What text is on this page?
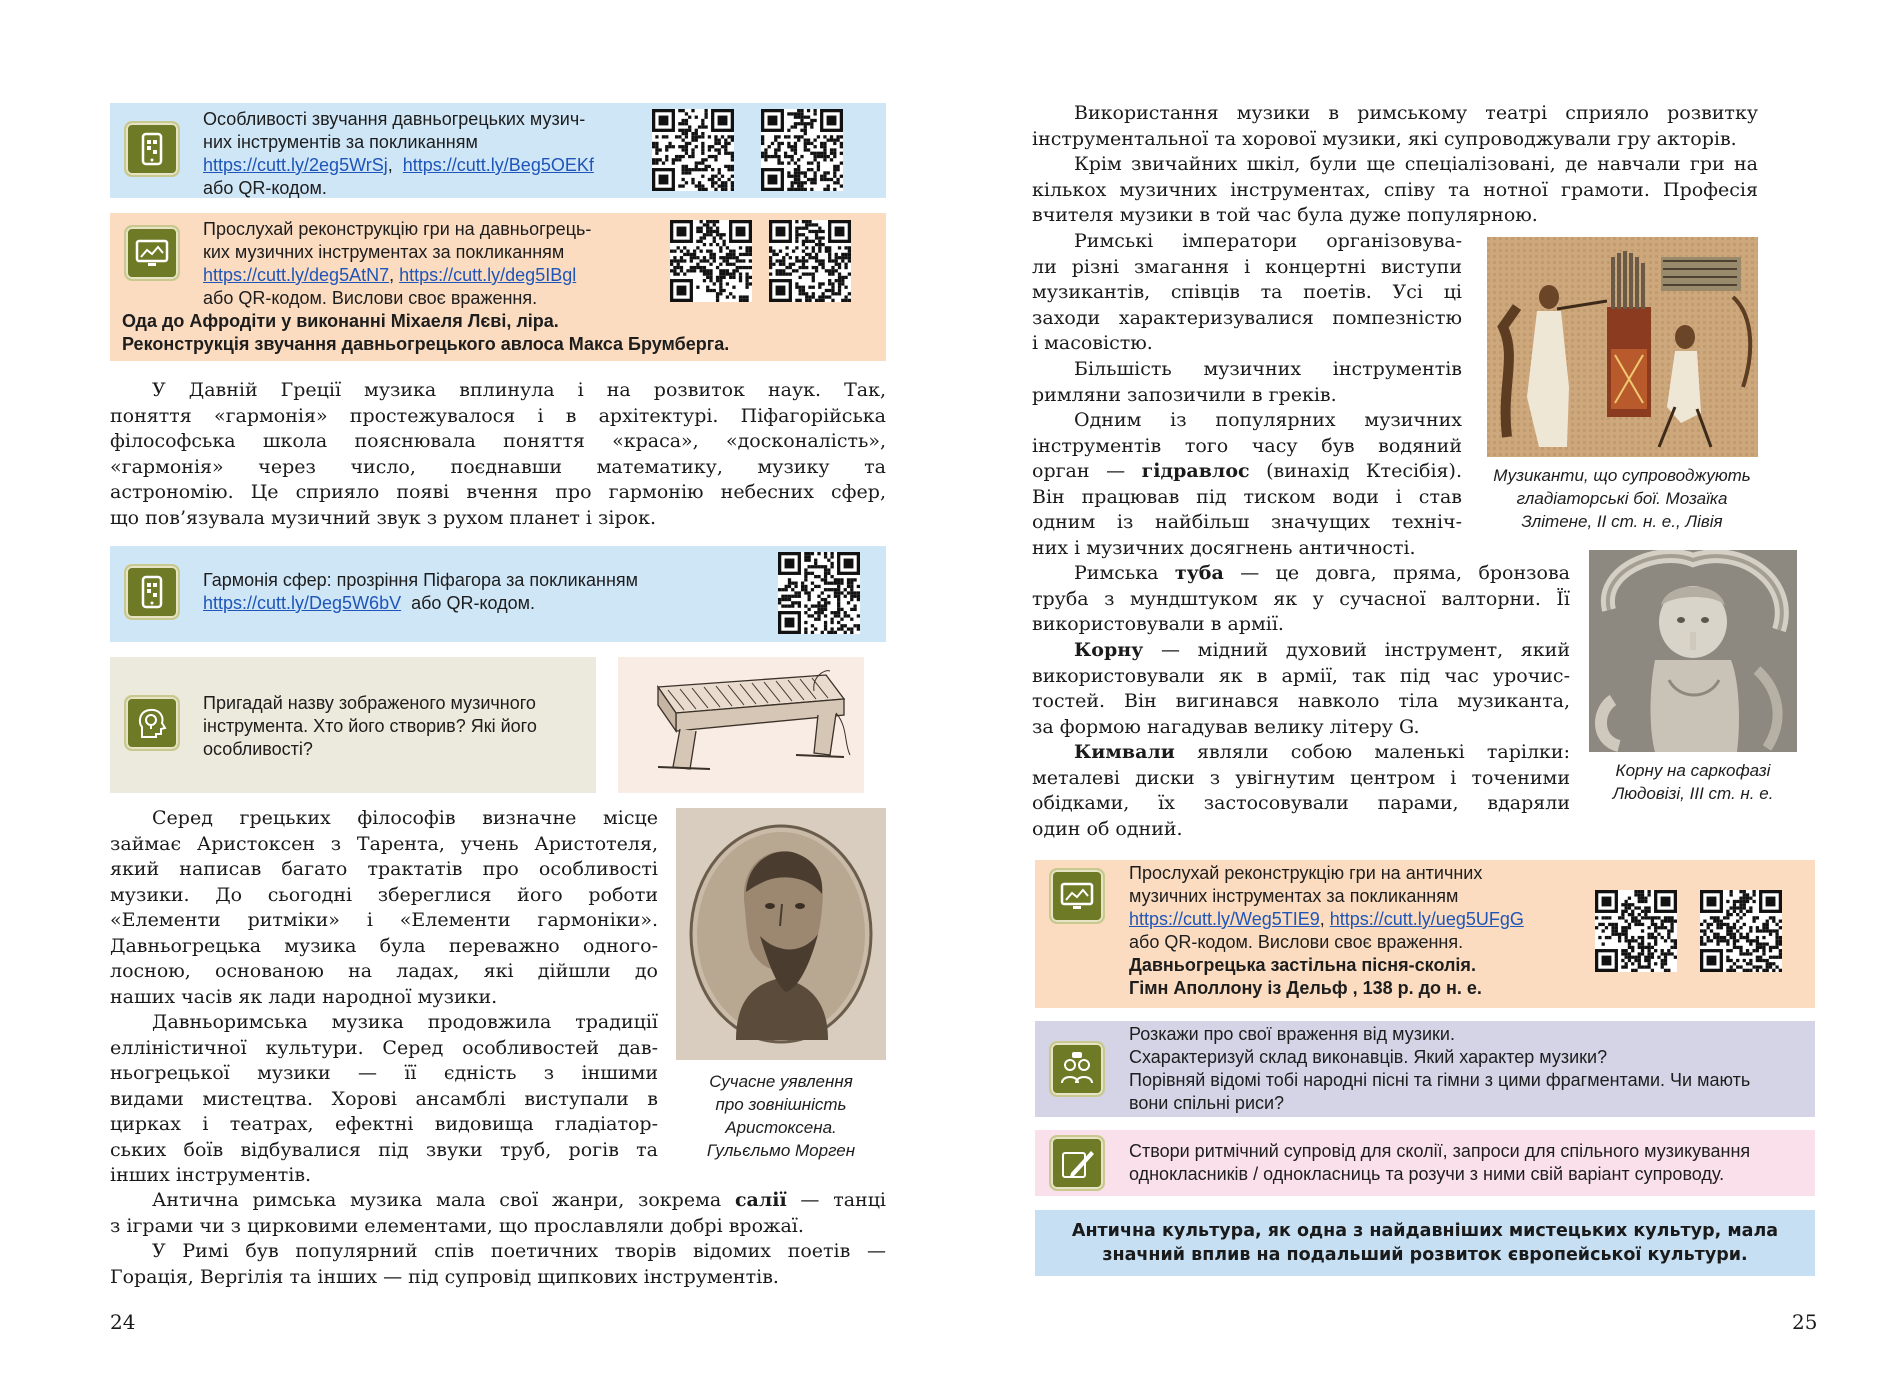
Особливості звучання давньогрецьких музич-
них інструментів за покликанням
https://cutt.ly/2eg5WrSj,  https://cutt.ly/Beg5OEKf
або QR-кодом.
Прослухай реконструкцію гри на давньогрець-
ких музичних інструментах за покликанням
https://cutt.ly/deg5AtN7, https://cutt.ly/deg5IBgl
або QR-кодом. Вислови своє враження.
Ода до Афродіти у виконанні Міхаеля Лєві, ліра.
Реконструкція звучання давньогрецького авлоса Макса Брумберга.
У Давній Греції музика вплинула і на розвиток наук. Так,
поняття «гармонія» простежувалося і в архітектурі. Піфагорійська
філософська школа пояснювала поняття «краса», «досконалість»,
«гармонія» через число, поєднавши математику, музику та
астрономію. Це сприяло появі вчення про гармонію небесних сфер,
що пов’язувала музичний звук з рухом планет і зірок.
Гармонія сфер: прозріння Піфагора за покликанням
https://cutt.ly/Deg5W6bV або QR-кодом.
Пригадай назву зображеного музичного
інструмента. Хто його створив? Які його
особливості?
Серед грецьких філософів визначне місце
займає Аристоксен з Тарента, учень Аристотеля,
який написав багато трактатів про особливості
музики. До сьогодні збереглися його роботи
«Елементи ритміки» і «Елементи гармоніки».
Давньогрецька музика була переважно одного-
лосною, основаною на ладах, які дійшли до
наших часів як лади народної музики.
Давньоримська музика продовжила традиції
елліністичної культури. Серед особливостей дав-
ньогрецької музики — її єдність з іншими
видами мистецтва. Хорові ансамблі виступали в
цирках і театрах, ефектні видовища гладіатор-
ських боїв відбувалися під звуки труб, рогів та
інших інструментів.
Антична римська музика мала свої жанри, зокрема салії — танці
з іграми чи з цирковими елементами, що прославляли добрі врожаї.
У Римі був популярний спів поетичних творів відомих поетів —
Горація, Вергілія та інших — під супровід щипкових інструментів.
Сучасне уявлення
про зовнішність
Аристоксена.
Гульєльмо Морген
24
Використання музики в римському театрі сприяло розвитку
інструментальної та хорової музики, які супроводжували гру акторів.
Крім звичайних шкіл, були ще спеціалізовані, де навчали гри на
кількох музичних інструментах, співу та нотної грамоти. Професія
вчителя музики в той час була дуже популярною.
Римські імператори організовува-
ли різні змагання і концертні виступи
музикантів, співців та поетів. Усі ці
заходи характеризувалися помпезністю
і масовістю.
Більшість музичних інструментів
римляни запозичили в греків.
Одним із популярних музичних
інструментів того часу був водяний
орган — гідравлос (винахід Ктесібія).
Він працював під тиском води і став
одним із найбільш значущих техніч-
них і музичних досягнень античності.
Музиканти, що супроводжують
гладіаторські бої. Мозаїка
Злітене, ІІ ст. н. е., Лівія
Римська туба — це довга, пряма, бронзова
труба з мундштуком як у сучасної валторни. Її
використовували в армії.
Корну — мідний духовий інструмент, який
використовували як в армії, так під час урочис-
тостей. Він вигинався навколо тіла музиканта,
за формою нагадував велику літеру G.
Кимвали являли собою маленькі тарілки:
металеві диски з увігнутим центром і точеними
обідками, їх застосовували парами, вдаряли
один об одний.
Корну на саркофазі
Людовізі, ІІІ ст. н. е.
Прослухай реконструкцію гри на античних
музичних інструментах за покликанням
https://cutt.ly/Weg5TIE9, https://cutt.ly/ueg5UFgG
або QR-кодом. Вислови своє враження.
Давньогрецька застільна пісня-сколія.
Гімн Аполлону із Дельф , 138 р. до н. е.
Розкажи про свої враження від музики.
Схарактеризуй склад виконавців. Який характер музики?
Порівняй відомі тобі народні пісні та гімни з цими фрагментами. Чи мають
вони спільні риси?
Створи ритмічний супровід для сколії, запроси для спільного музикування
однокласників / однокласниць та розучи з ними свій варіант супроводу.
Антична культура, як одна з найдавніших мистецьких культур, мала
значний вплив на подальший розвиток європейської культури.
25
